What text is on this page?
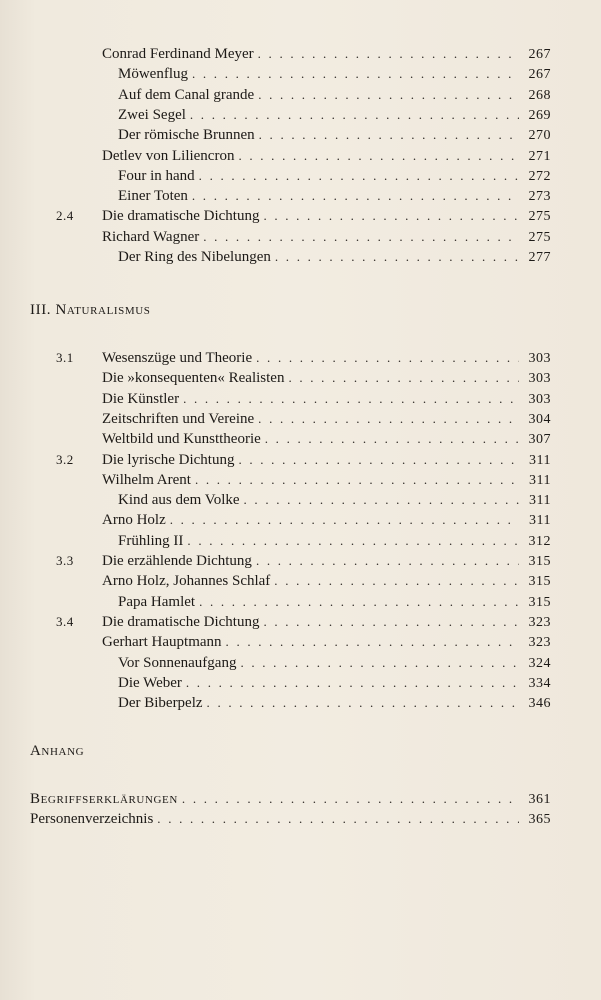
Conrad Ferdinand Meyer . . .	267
Möwenflug . . .	267
Auf dem Canal grande . . .	268
Zwei Segel . . .	269
Der römische Brunnen . . .	270
Detlev von Liliencron . . .	271
Four in hand . . .	272
Einer Toten . . .	273
2.4	Die dramatische Dichtung . . .	275
Richard Wagner . . .	275
Der Ring des Nibelungen . . .	277
III. Naturalismus
3.1	Wesenszüge und Theorie . . .	303
Die »konsequenten« Realisten . . .	303
Die Künstler . . .	303
Zeitschriften und Vereine . . .	304
Weltbild und Kunsttheorie . . .	307
3.2	Die lyrische Dichtung . . .	311
Wilhelm Arent . . .	311
Kind aus dem Volke . . .	311
Arno Holz . . .	311
Frühling II . . .	312
3.3	Die erzählende Dichtung . . .	315
Arno Holz, Johannes Schlaf . . .	315
Papa Hamlet . . .	315
3.4	Die dramatische Dichtung . . .	323
Gerhart Hauptmann . . .	323
Vor Sonnenaufgang . . .	324
Die Weber . . .	334
Der Biberpelz . . .	346
Anhang
Begriffserklärungen . . .	361
Personenverzeichnis . . .	365
